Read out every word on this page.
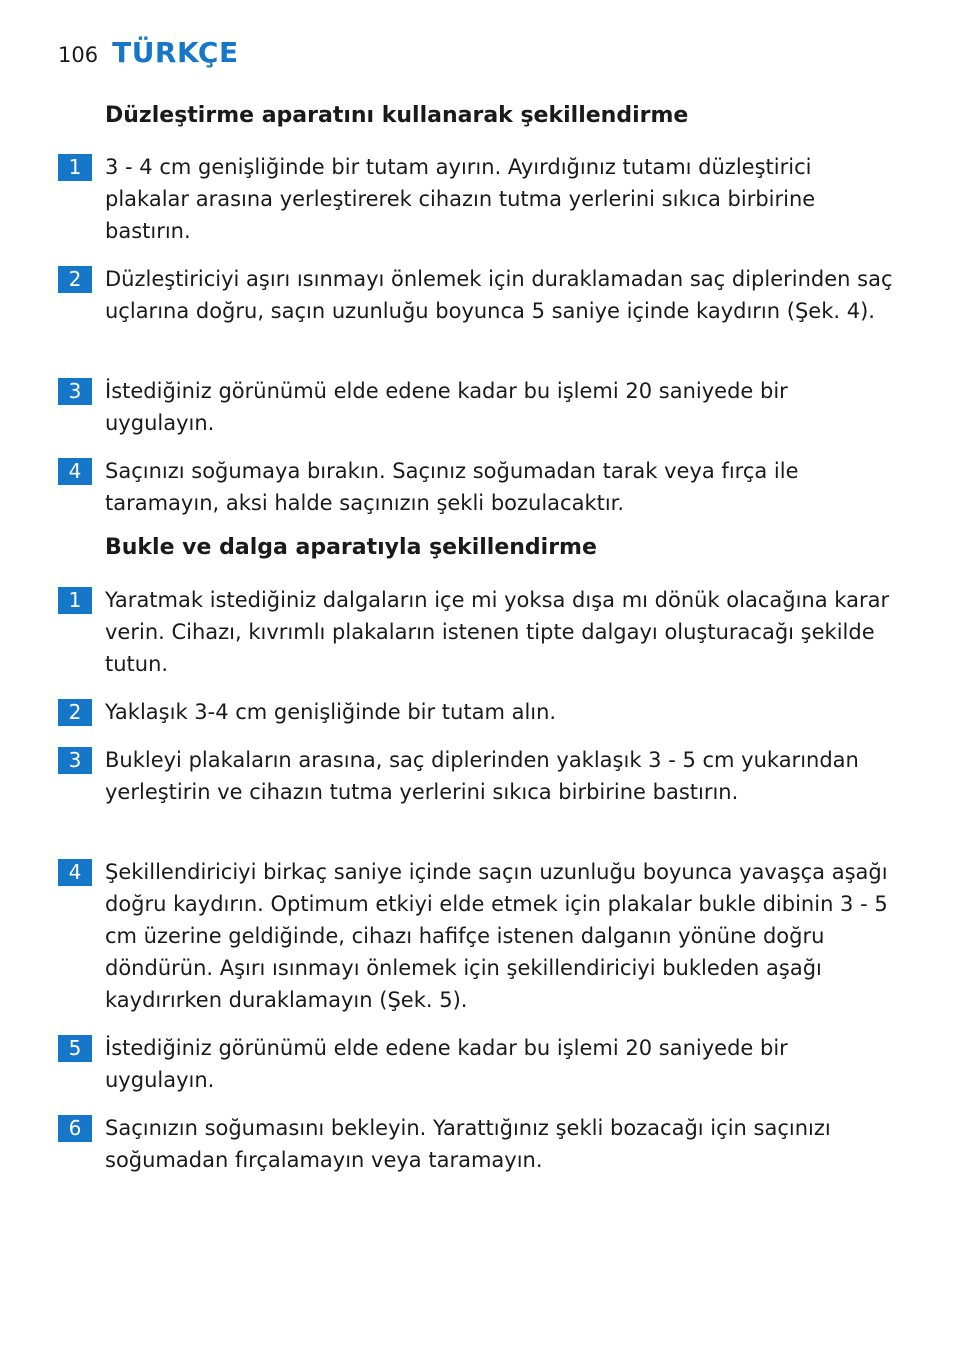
106 TÜRKÇE
Düzleştirme aparatını kullanarak şekillendirme
1	3 - 4 cm genişliğinde bir tutam ayırın. Ayırdığınız tutamı düzleştirici plakalar arasına yerleştirerek cihazın tutma yerlerini sıkıca birbirine bastırın.
2	Düzleştiriciyi aşırı ısınmayı önlemek için duraklamadan saç diplerinden saç uçlarına doğru, saçın uzunluğu boyunca 5 saniye içinde kaydırın (Şek. 4).
3	İstediğiniz görünümü elde edene kadar bu işlemi 20 saniyede bir uygulayın.
4	Saçınızı soğumaya bırakın. Saçınız soğumadan tarak veya fırça ile taramayın, aksi halde saçınızın şekli bozulacaktır.
Bukle ve dalga aparatıyla şekillendirme
1	Yaratmak istediğiniz dalgaların içe mi yoksa dışa mı dönük olacağına karar verin. Cihazı, kıvrımlı plakaların istenen tipte dalgayı oluşturacağı şekilde tutun.
2	Yaklaşık 3-4 cm genişliğinde bir tutam alın.
3	Bukleyi plakaların arasına, saç diplerinden yaklaşık 3 - 5 cm yukarından yerleştirin ve cihazın tutma yerlerini sıkıca birbirine bastırın.
4	Şekillendiriciyi birkaç saniye içinde saçın uzunluğu boyunca yavaşça aşağı doğru kaydırın. Optimum etkiyi elde etmek için plakalar bukle dibinin 3 - 5 cm üzerine geldiğinde, cihazı hafifçe istenen dalganın yönüne doğru döndürün. Aşırı ısınmayı önlemek için şekillendiriciyi bukleden aşağı kaydırırken duraklamayın (Şek. 5).
5	İstediğiniz görünümü elde edene kadar bu işlemi 20 saniyede bir uygulayın.
6	Saçınızın soğumasını bekleyin. Yarattığınız şekli bozacağı için saçınızı soğumadan fırçalamayın veya taramayın.
